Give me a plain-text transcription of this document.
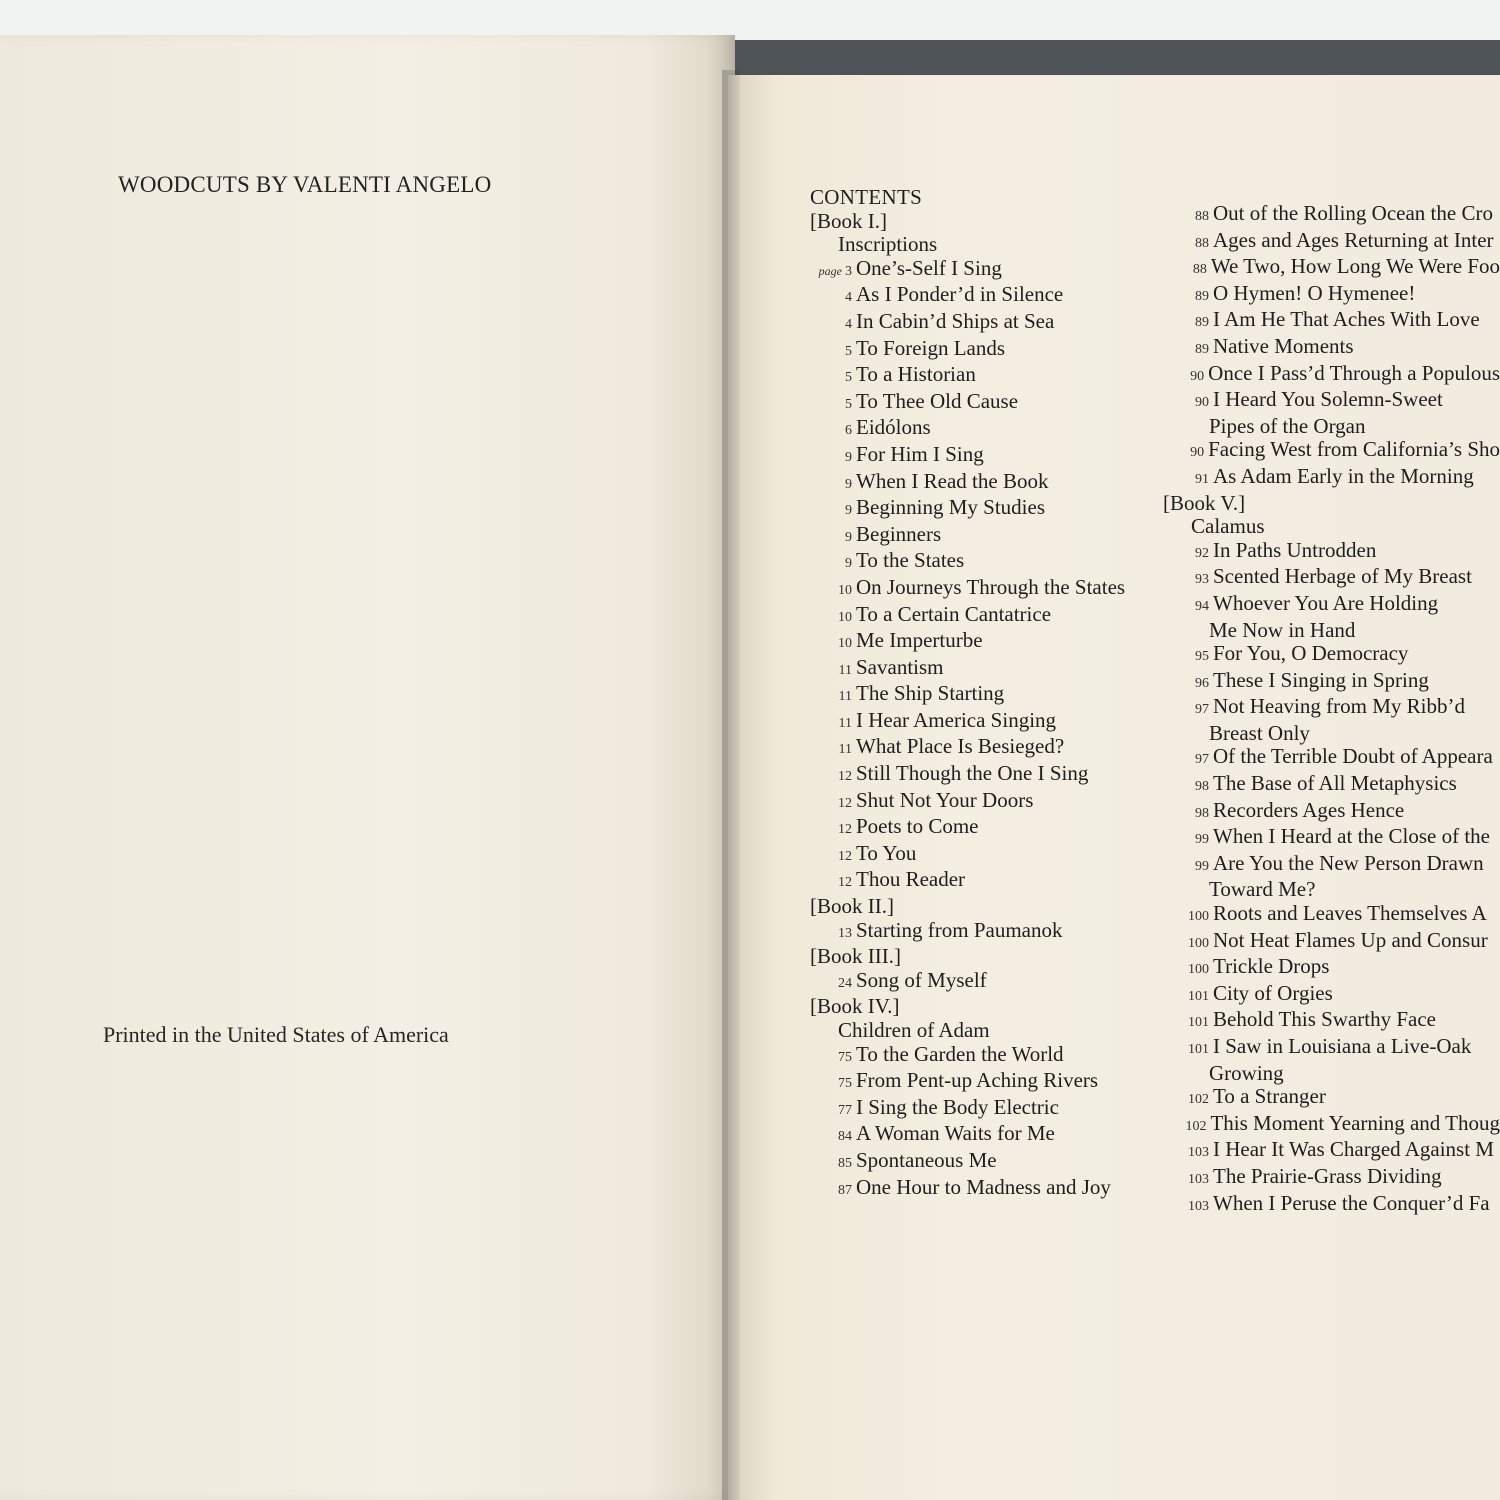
WOODCUTS BY VALENTI ANGELO
Printed in the United States of America
CONTENTS
[Book I.]
Inscriptions
page 3 One’s-Self I Sing
4 As I Ponder’d in Silence
4 In Cabin’d Ships at Sea
5 To Foreign Lands
5 To a Historian
5 To Thee Old Cause
6 Eidólons
9 For Him I Sing
9 When I Read the Book
9 Beginning My Studies
9 Beginners
9 To the States
10 On Journeys Through the States
10 To a Certain Cantatrice
10 Me Imperturbe
11 Savantism
11 The Ship Starting
11 I Hear America Singing
11 What Place Is Besieged?
12 Still Though the One I Sing
12 Shut Not Your Doors
12 Poets to Come
12 To You
12 Thou Reader
[Book II.]
13 Starting from Paumanok
[Book III.]
24 Song of Myself
[Book IV.]
Children of Adam
75 To the Garden the World
75 From Pent-up Aching Rivers
77 I Sing the Body Electric
84 A Woman Waits for Me
85 Spontaneous Me
87 One Hour to Madness and Joy
88 Out of the Rolling Ocean the Cro
88 Ages and Ages Returning at Inter
88 We Two, How Long We Were Foo
89 O Hymen! O Hymenee!
89 I Am He That Aches With Love
89 Native Moments
90 Once I Pass’d Through a Populous
90 I Heard You Solemn-Sweet
Pipes of the Organ
90 Facing West from California’s Sho
91 As Adam Early in the Morning
[Book V.]
Calamus
92 In Paths Untrodden
93 Scented Herbage of My Breast
94 Whoever You Are Holding
Me Now in Hand
95 For You, O Democracy
96 These I Singing in Spring
97 Not Heaving from My Ribb’d
Breast Only
97 Of the Terrible Doubt of Appeara
98 The Base of All Metaphysics
98 Recorders Ages Hence
99 When I Heard at the Close of the
99 Are You the New Person Drawn
Toward Me?
100 Roots and Leaves Themselves A
100 Not Heat Flames Up and Consur
100 Trickle Drops
101 City of Orgies
101 Behold This Swarthy Face
101 I Saw in Louisiana a Live-Oak
Growing
102 To a Stranger
102 This Moment Yearning and Thoug
103 I Hear It Was Charged Against M
103 The Prairie-Grass Dividing
103 When I Peruse the Conquer’d Fa
